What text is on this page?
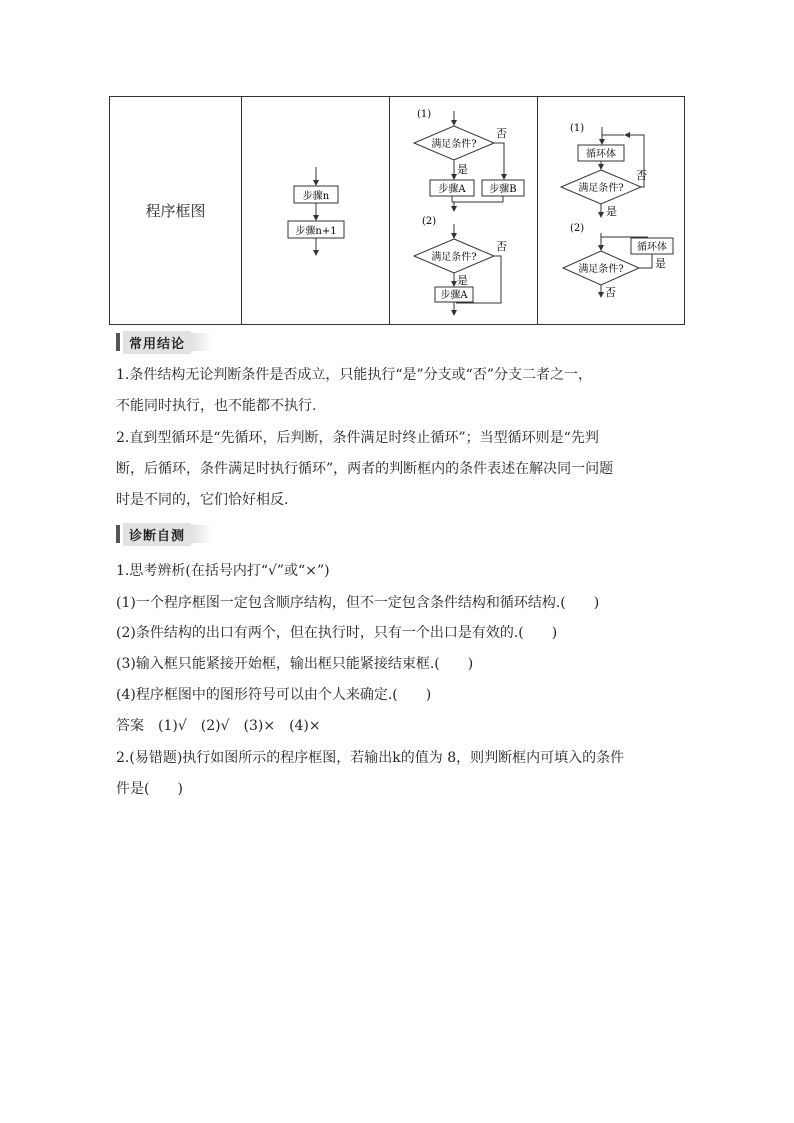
程序框图
步骤n
步骤n+1
(1)
满足条件?
否
是
步骤A 步骤B
(2)
满足条件?
否
是
步骤A
(1)
循环体
满足条件?
否
是
(2)
循环体
满足条件?	是
否
常用结论
1.条件结构无论判断条件是否成立，只能执行“是”分支或“否”分支二者之一，
不能同时执行，也不能都不执行.
2.直到型循环是“先循环，后判断，条件满足时终止循环”；当型循环则是“先判
断，后循环，条件满足时执行循环”，两者的判断框内的条件表述在解决同一问题
时是不同的，它们恰好相反.
诊断自测
1.思考辨析(在括号内打“√”或“×”)
(1)一个程序框图一定包含顺序结构，但不一定包含条件结构和循环结构.(　　)
(2)条件结构的出口有两个，但在执行时，只有一个出口是有效的.(　　)
(3)输入框只能紧接开始框，输出框只能紧接结束框.(　　)
(4)程序框图中的图形符号可以由个人来确定.(　　)
答案　(1)√　(2)√　(3)×　(4)×
2.(易错题)执行如图所示的程序框图，若输出k的值为 8，则判断框内可填入的条件
件是(　　)
